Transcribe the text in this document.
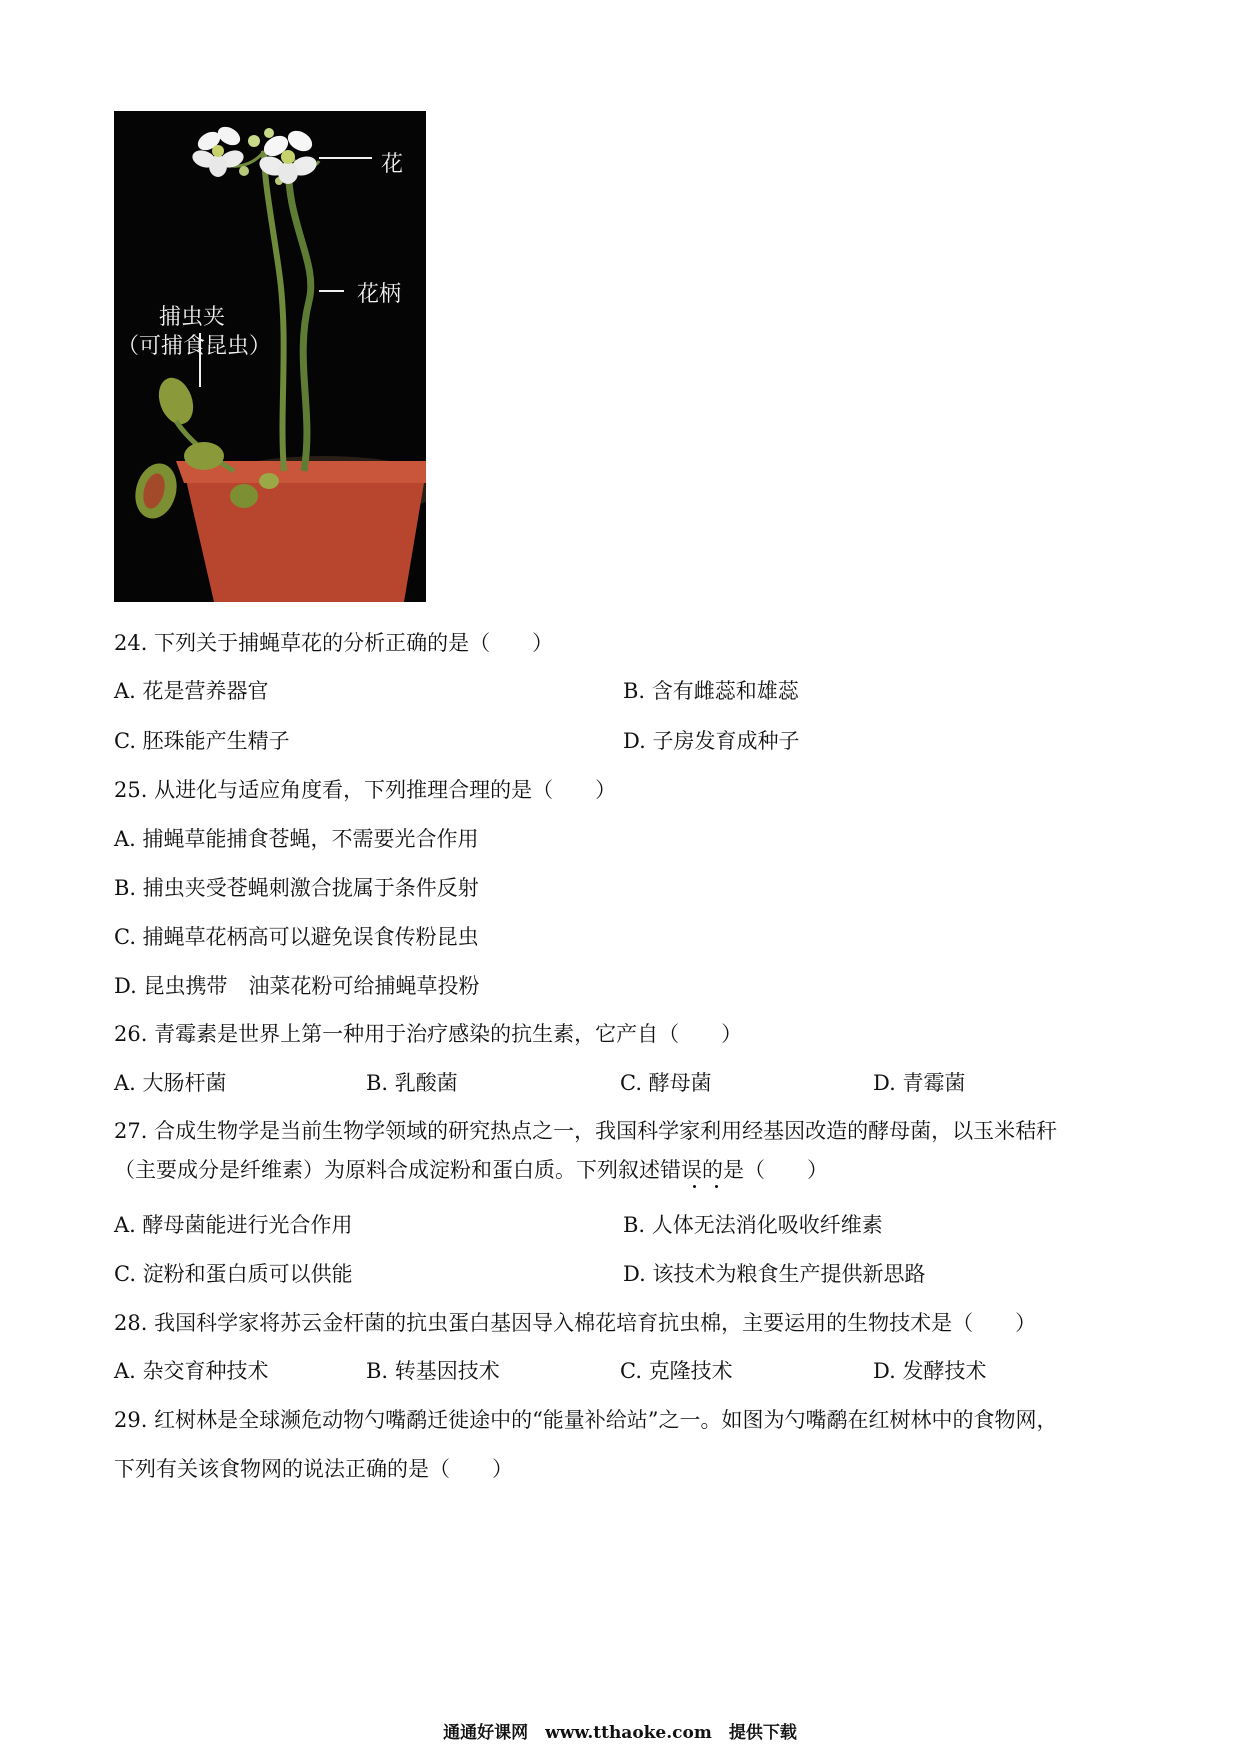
花
花柄
捕虫夹
（可捕食昆虫）
24. 下列关于捕蝇草花的分析正确的是（　　）
A. 花是营养器官	B. 含有雌蕊和雄蕊
C. 胚珠能产生精子	D. 子房发育成种子
25. 从进化与适应角度看，下列推理合理的是（　　）
A. 捕蝇草能捕食苍蝇，不需要光合作用
B. 捕虫夹受苍蝇刺激合拢属于条件反射
C. 捕蝇草花柄高可以避免误食传粉昆虫
D. 昆虫携带　油菜花粉可给捕蝇草投粉
26. 青霉素是世界上第一种用于治疗感染的抗生素，它产自（　　）
A. 大肠杆菌	B. 乳酸菌	C. 酵母菌	D. 青霉菌
27. 合成生物学是当前生物学领域的研究热点之一，我国科学家利用经基因改造的酵母菌，以玉米秸秆
（主要成分是纤维素）为原料合成淀粉和蛋白质。下列叙述错误的是（　　）
A. 酵母菌能进行光合作用	B. 人体无法消化吸收纤维素
C. 淀粉和蛋白质可以供能	D. 该技术为粮食生产提供新思路
28. 我国科学家将苏云金杆菌的抗虫蛋白基因导入棉花培育抗虫棉，主要运用的生物技术是（　　）
A. 杂交育种技术	B. 转基因技术	C. 克隆技术	D. 发酵技术
29. 红树林是全球濒危动物勺嘴鹬迁徙途中的“能量补给站”之一。如图为勺嘴鹬在红树林中的食物网，
下列有关该食物网的说法正确的是（　　）
通通好课网　www.tthaoke.com　提供下载
